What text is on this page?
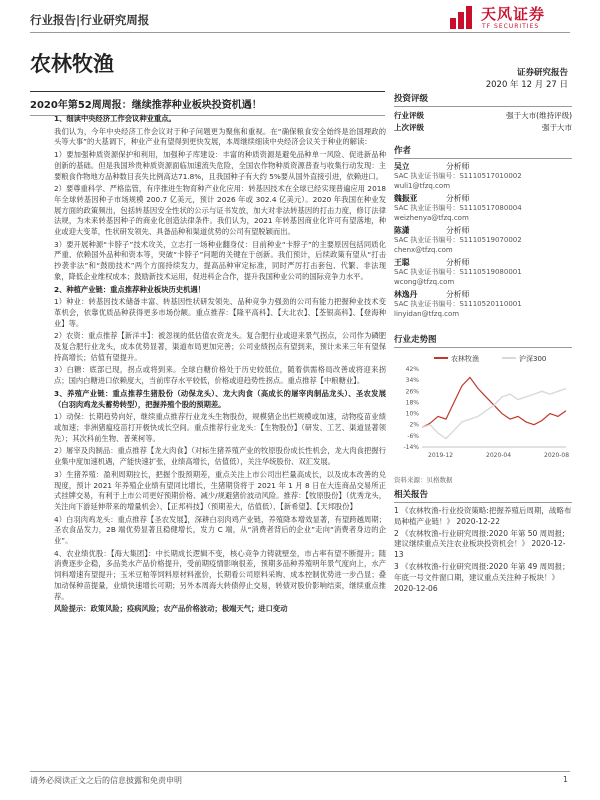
行业报告|行业研究周报	天风证券
TF SECURITIES
农林牧渔	证券研究报告
2020 年 12 月 27 日
2020年第52周周报：继续推荐种业板块投资机遇！

1、细读中央经济工作会议种业重点。

我们认为，今年中央经济工作会议对于种子问题更为聚焦和重视。在“确保粮食安全始终是治国理政的头等大事”的大基调下，种业产业有望得到更快发展，本周继续细读中央经济会议关于种业的解读：

1）要加强种质资源保护和利用，加强种子库建设：丰富的种质资源是避免品种单一风险、促进新品种创新的基础。但是我国珍贵种质资源面临加速流失危险，全国农作物种质资源普查与收集行动发现：主要粮食作物地方品种数目丧失比例高达71.8%，且我国种子有大约 5%要从国外直接引进，依赖进口。

2）要尊重科学、严格监管，有序推进生物育种产业化应用：转基因技术在全球已经实现普遍应用 2018 年全球转基因种子市场规模 200.7 亿美元，预计 2026 年或 302.4 亿美元）。2020 年我国在种业发展方面的政策频出，包括转基因安全性状的公示与证书发放，加大对非法转基因的打击力度，修订法律法规，为未来转基因种子的商业化创造法律条件。我们认为，2021 年转基因商业化许可有望落地，种业或迎大变革，性状研发领先、具备品种和渠道优势的公司有望脱颖而出。

3）要开展种源“卡脖子”技术攻关，立志打一场种业翻身仗：目前种业“卡脖子”的主要原因包括同质化严重、依赖国外品种和资本等，突破“卡脖子”问题的关键在于创新。我们预计，后续政策有望从“打击抄袭非法”和“鼓励技术”两个方面持续发力，提高品种审定标准，同时严厉打击套包、代繁、非法现象，降低企业维权成本；鼓励新技术运用，促进科企合作，提升我国种业公司的国际竞争力水平。

2、种植产业链：重点推荐种业板块历史机遇！

1）种业：转基因技术储备丰富、转基因性状研发领先、品种竞争力强劲的公司有能力把握种业技术变革机会，依靠优质品种获得更多市场份额。重点推荐：【隆平高科】、【大北农】、【荃银高科】、【登海种业】等。

2）农资：重点推荐【新洋丰】：被忽视的低估值农资龙头。复合肥行业或迎来景气拐点，公司作为磷肥及复合肥行业龙头，成本优势显著，渠道布局更加完善；公司业绩拐点有望到来，预计未来三年有望保持高增长；估值有望提升。

3）白糖：底部已现，拐点或将到来。全球白糖价格处于历史较低位，随着供需格局改善或将迎来拐点；国内白糖进口依赖度大，当前库存水平较低，价格或迎趋势性拐点。重点推荐【中粮糖业】。

3、养殖产业链：重点推荐生猪股份（动保龙头）、龙大肉食（高成长的屠宰肉制品龙头）、圣农发展（白羽肉鸡龙头蓄势转型），把握养殖个股的预期差。

1）动保：长期趋势向好，继续重点推荐行业龙头生物股份，规模猪企出栏规模或加速，动物疫苗业绩或加速；非洲猪瘟疫苗打开极快成长空间。重点推荐行业龙头：【生物股份】（研发、工艺、渠道显著领先）；其次科前生物、普莱柯等。

2）屠宰及肉制品：重点推荐【龙大肉食】（对标生猪养殖产业的牧原股份成长性机会，龙大肉食把握行业集中度加速机遇，产能快速扩张，业绩高增长，估值低），关注华统股份、双汇发展。

3）生猪养殖：盈利周期拉长，把握个股预期差，重点关注上市公司出栏量高成长，以及成本改善的兑现度，预计 2021 年养殖企业绩有望同比增长，生猪期货将于 2021 年 1 月 8 日在大连商品交易所正式挂牌交易，有利于上市公司更好预期价格、减少/规避猪价波动风险。推荐：【牧原股份】（优秀龙头，关注向下游延伸带来的增量机会）、【正邦科技】（预期差大，估值低）、【新希望】、【天邦股份】

4）白羽肉鸡龙头：重点推荐【圣农发展】，深耕白羽肉鸡产业链，养殖降本增效显著，有望跨越周期；圣农食品发力，2B 端优势显著且稳健增长，发力 C 端，从“消费者背后的企业”走向“消费者身边的企业”。

4、农业绩优股：【海大集团】：中长期成长逻辑不变，核心竞争力铸就壁垒，市占率有望不断提升；随消费逐步企稳，多品类水产品价格提升，受前期疫情影响很差，预期多品种养殖明年景气度向上，水产饲料增速有望提升；玉米豆粕等饲料原材料涨价，长期看公司原料采购、成本控制优势进一步凸显；叠加动保种苗提量，业绩快速增长可期；另外本周海大转债停止交易，转债对股价影响结束，继续重点推荐。

风险提示：政策风险；疫病风险；农产品价格波动；极端天气；进口变动

投资评级
行业评级	强于大市(维持评级)
上次评级	强于大市
作者
吴立	分析师
SAC 执业证书编号：S1110517010002
wuli1@tfzq.com
魏振亚	分析师
SAC 执业证书编号：S1110517080004
weizhenya@tfzq.com
陈潇	分析师
SAC 执业证书编号：S1110519070002
chenx@tfzq.com
王聪	分析师
SAC 执业证书编号：S1110519080001
wcong@tfzq.com
林逸丹	分析师
SAC 执业证书编号：S1110520110001
linyidan@tfzq.com
行业走势图
农林牧渔	沪深300
42%
34%
26%
18%
10%
2%
-6%
-14%
2019-12	2020-04	2020-08
资料来源：贝格数据
相关报告
1 《农林牧渔-行业投资策略:把握养殖后周期，战略布局种植产业链！》 2020-12-22
2 《农林牧渔-行业研究周报:2020 年第 50 周周报;建议继续重点关注农业板块投资机会！》 2020-12-13
3 《农林牧渔-行业研究周报:2020 年第 49 周周报；年底一号文件窗口期，建议重点关注种子板块！》 2020-12-06
请务必阅读正文之后的信息披露和免责申明	1
